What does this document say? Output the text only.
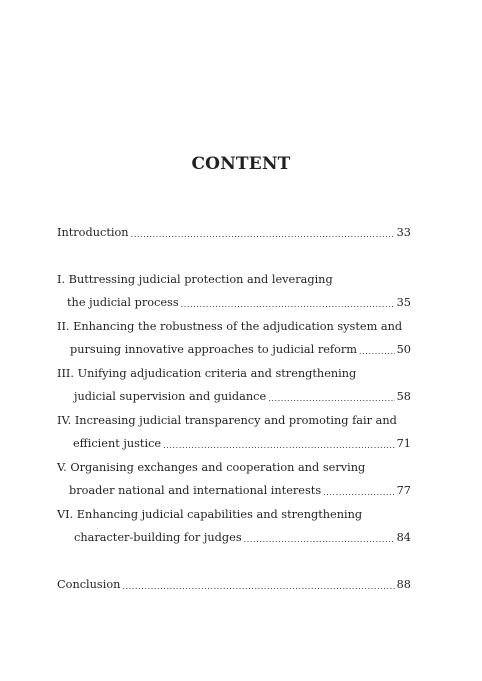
CONTENT
Introduction .....	33
I. Buttressing judicial protection and leveraging
the judicial process .....	35
II. Enhancing the robustness of the adjudication system and
pursuing innovative approaches to judicial reform .....	50
III. Unifying adjudication criteria and strengthening
judicial supervision and guidance .....	58
IV. Increasing judicial transparency and promoting fair and
efficient justice .....	71
V. Organising exchanges and cooperation and serving
broader national and international interests .....	77
VI. Enhancing judicial capabilities and strengthening
character-building for judges .....	84
Conclusion .....	88
